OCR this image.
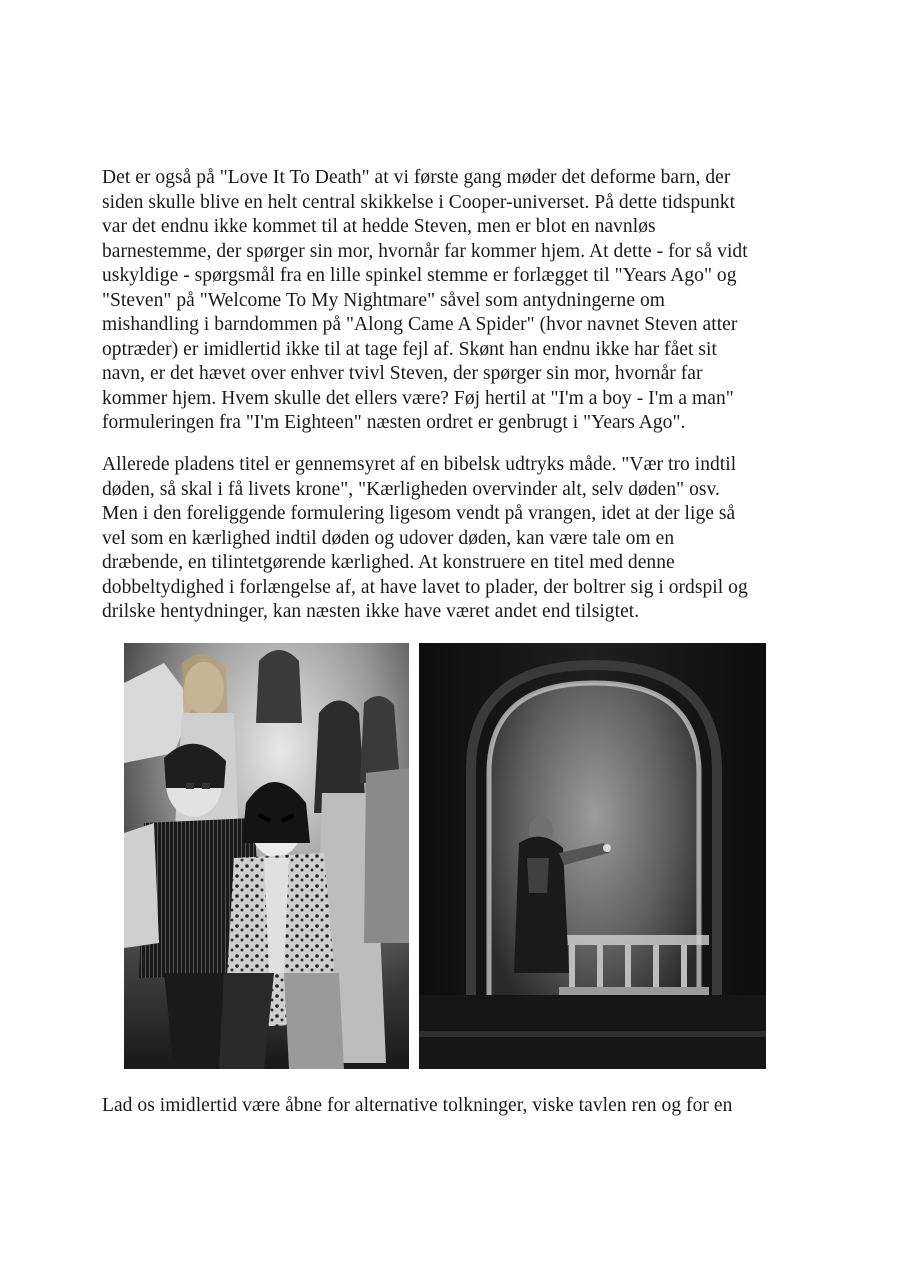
Det er også på "Love It To Death" at vi første gang møder det deforme barn, der
siden skulle blive en helt central skikkelse i Cooper-universet. På dette tidspunkt
var det endnu ikke kommet til at hedde Steven, men er blot en navnløs
barnestemme, der spørger sin mor, hvornår far kommer hjem. At dette - for så vidt
uskyldige - spørgsmål fra en lille spinkel stemme er forlægget til "Years Ago" og
"Steven" på "Welcome To My Nightmare" såvel som antydningerne om
mishandling i barndommen på "Along Came A Spider" (hvor navnet Steven atter
optræder) er imidlertid ikke til at tage fejl af. Skønt han endnu ikke har fået sit
navn, er det hævet over enhver tvivl Steven, der spørger sin mor, hvornår far
kommer hjem. Hvem skulle det ellers være? Føj hertil at "I'm a boy - I'm a man"
formuleringen fra "I'm Eighteen" næsten ordret er genbrugt i "Years Ago".

Allerede pladens titel er gennemsyret af en bibelsk udtryks måde. "Vær tro indtil
døden, så skal i få livets krone", "Kærligheden overvinder alt, selv døden" osv.
Men i den foreliggende formulering ligesom vendt på vrangen, idet at der lige så
vel som en kærlighed indtil døden og udover døden, kan være tale om en
dræbende, en tilintetgørende kærlighed. At konstruere en titel med denne
dobbeltydighed i forlængelse af, at have lavet to plader, der boltrer sig i ordspil og
drilske hentydninger, kan næsten ikke have været andet end tilsigtet.

Lad os imidlertid være åbne for alternative tolkninger, viske tavlen ren og for en
